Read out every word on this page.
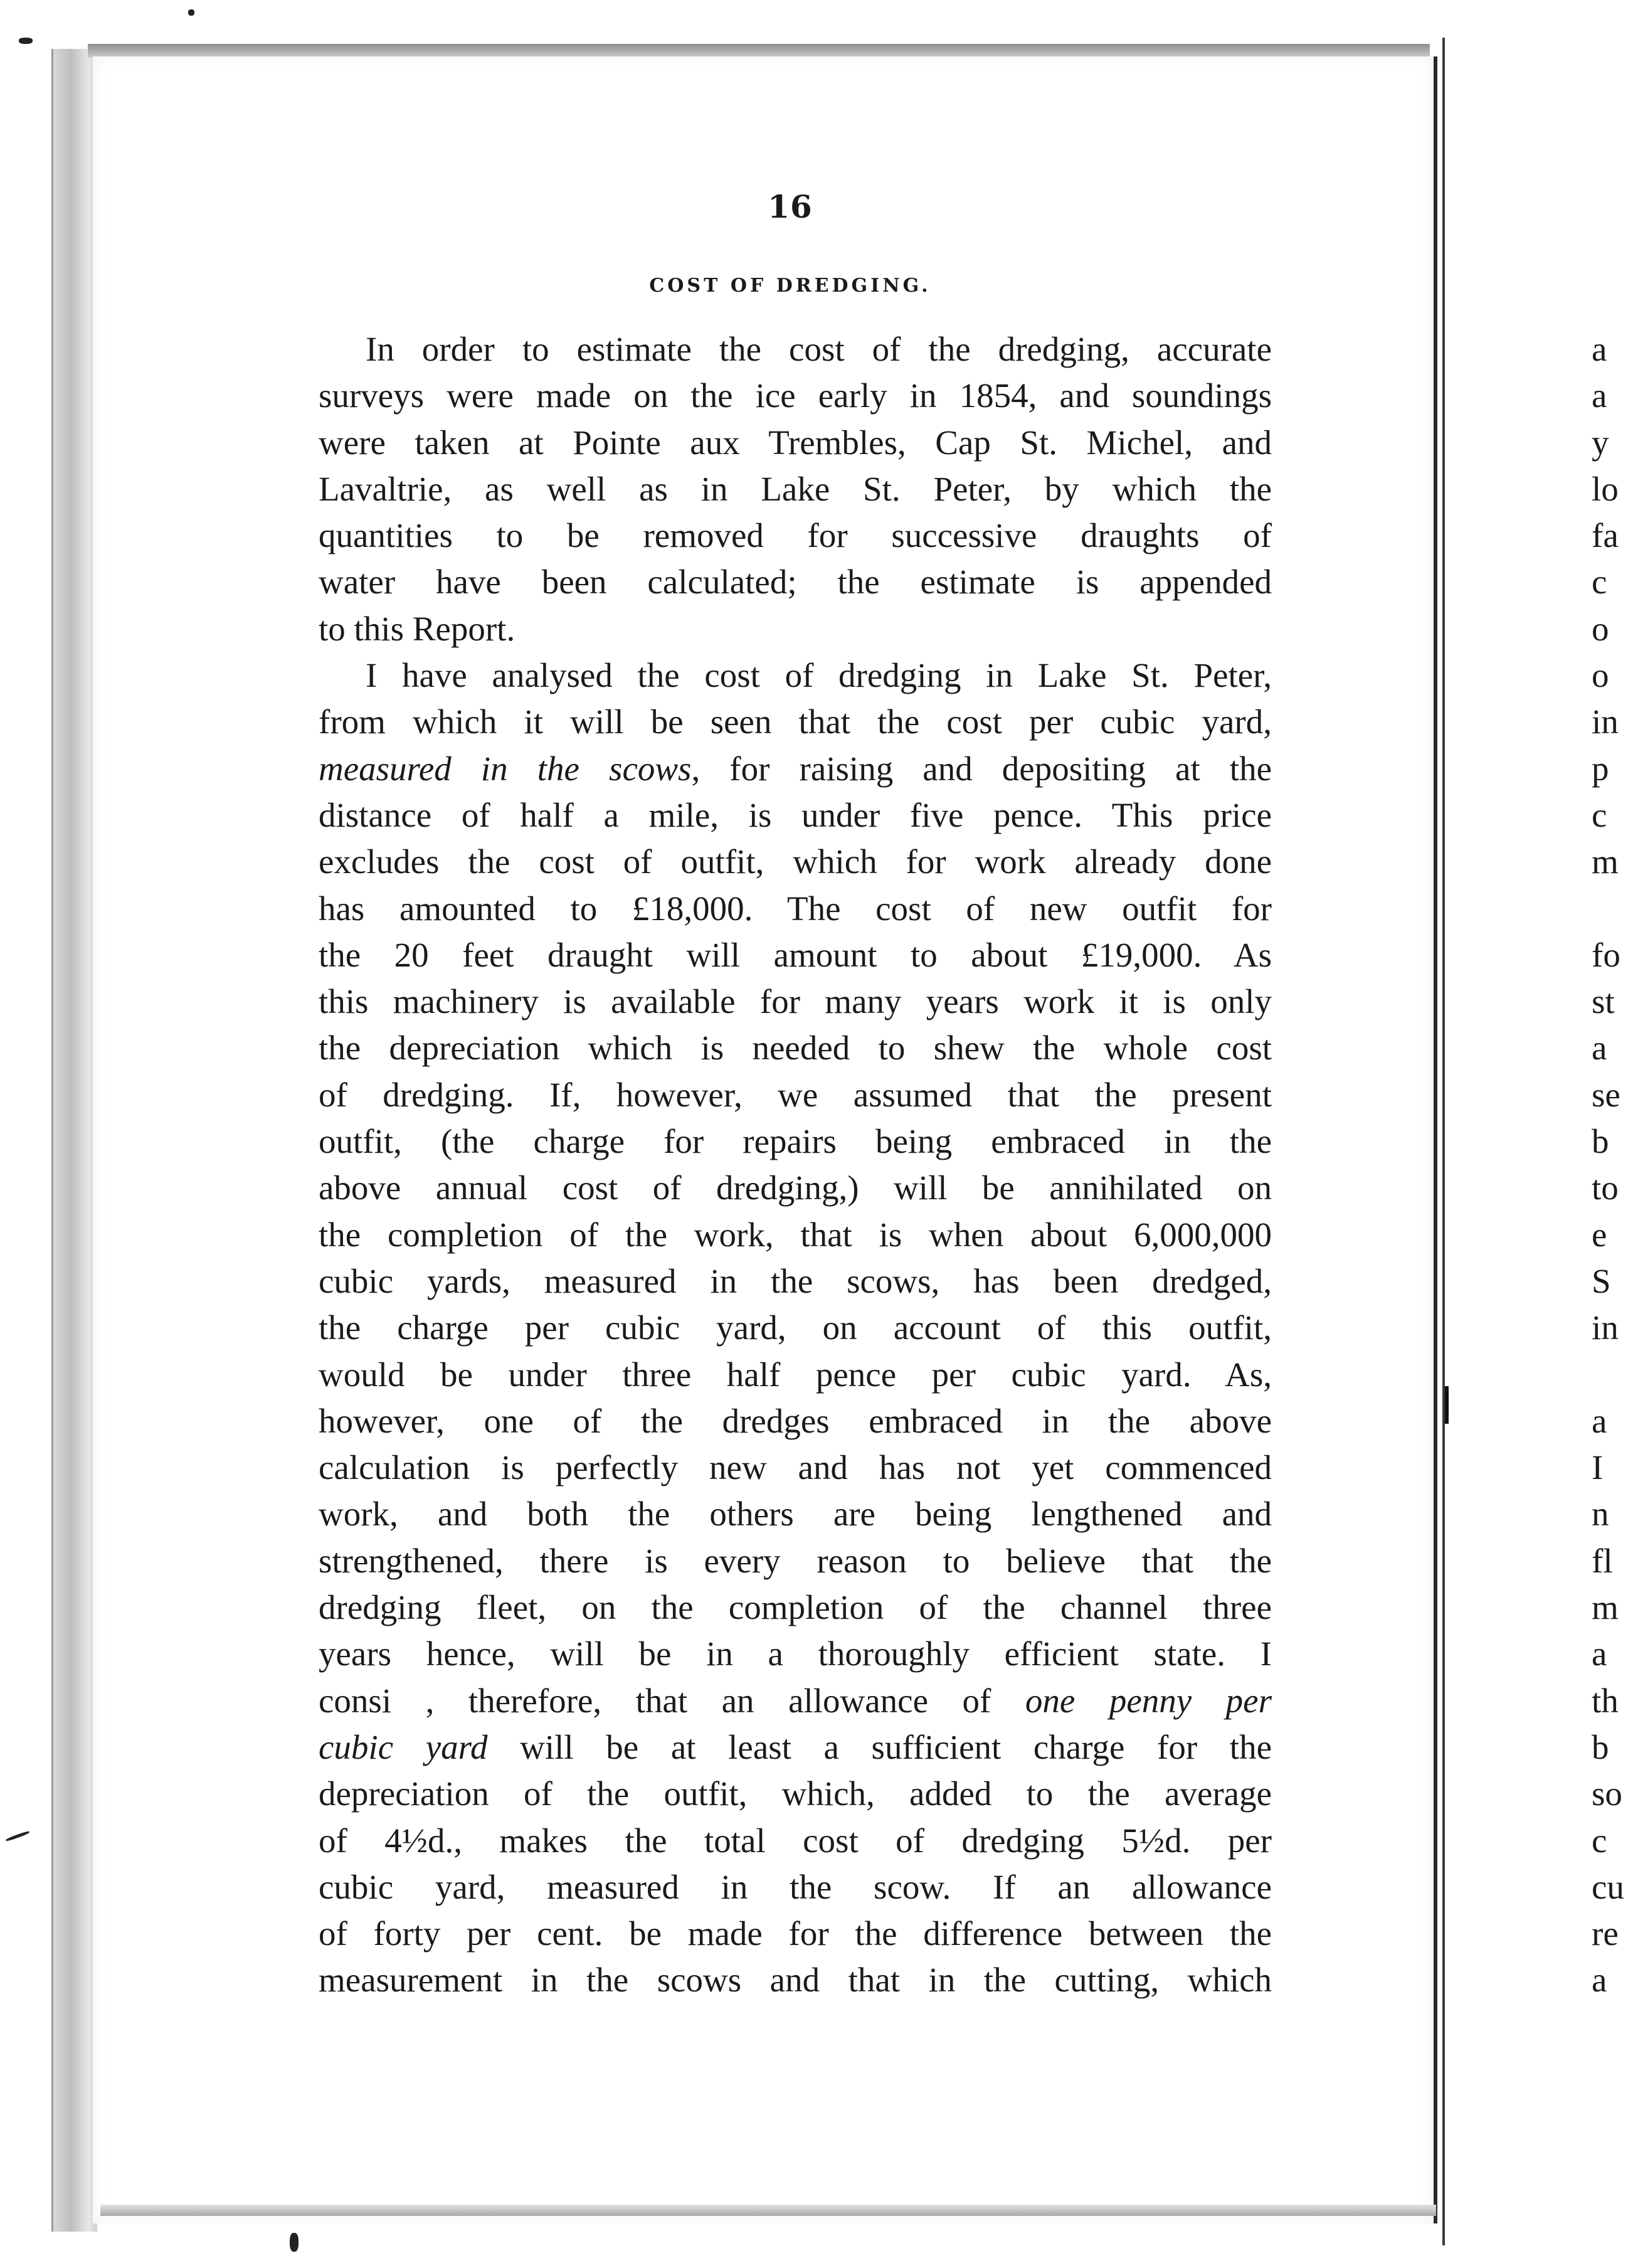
16
COST OF DREDGING.
In order to estimate the cost of the dredging, accurate
surveys were made on the ice early in 1854, and soundings
were taken at Pointe aux Trembles, Cap St. Michel, and
Lavaltrie, as well as in Lake St. Peter, by which the
quantities to be removed for successive draughts of
water have been calculated; the estimate is appended
to this Report.
I have analysed the cost of dredging in Lake St. Peter,
from which it will be seen that the cost per cubic yard,
measured in the scows, for raising and depositing at the
distance of half a mile, is under five pence. This price
excludes the cost of outfit, which for work already done
has amounted to £18,000. The cost of new outfit for
the 20 feet draught will amount to about £19,000. As
this machinery is available for many years work it is only
the depreciation which is needed to shew the whole cost
of dredging. If, however, we assumed that the present
outfit, (the charge for repairs being embraced in the
above annual cost of dredging,) will be annihilated on
the completion of the work, that is when about 6,000,000
cubic yards, measured in the scows, has been dredged,
the charge per cubic yard, on account of this outfit,
would be under three half pence per cubic yard. As,
however, one of the dredges embraced in the above
calculation is perfectly new and has not yet commenced
work, and both the others are being lengthened and
strengthened, there is every reason to believe that the
dredging fleet, on the completion of the channel three
years hence, will be in a thoroughly efficient state. I
consi , therefore, that an allowance of one penny per
cubic yard will be at least a sufficient charge for the
depreciation of the outfit, which, added to the average
of 4½d., makes the total cost of dredging 5½d. per
cubic yard, measured in the scow. If an allowance
of forty per cent. be made for the difference between the
measurement in the scows and that in the cutting, which
a
a
y
lo
fa
c
o
o
in
p
c
m
fo
st
a
se
b
to
e
S
in
a
I
n
fl
m
a
th
b
so
c
cu
re
a
